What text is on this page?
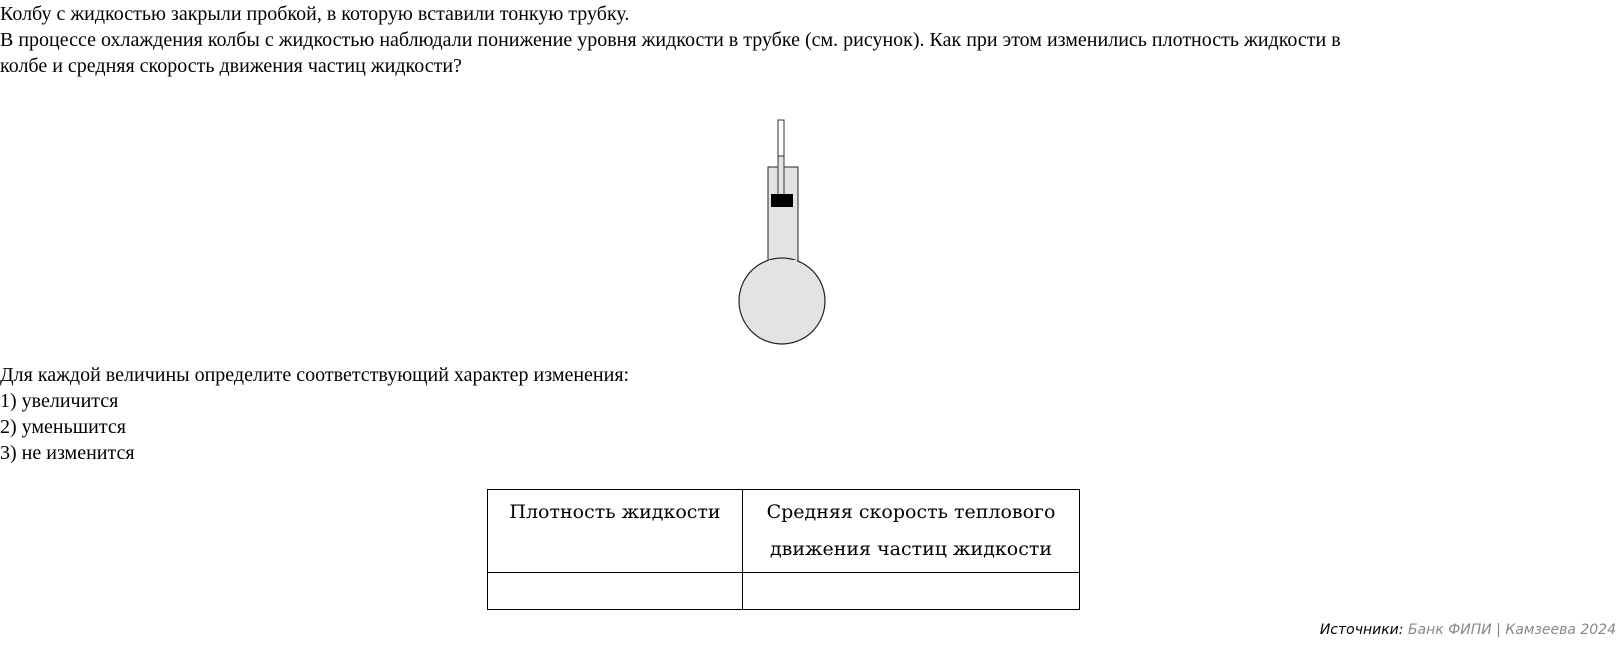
Колбу с жидкостью закрыли пробкой, в которую вставили тонкую трубку.
В процессе охлаждения колбы с жидкостью наблюдали понижение уровня жидкости в трубке (см. рисунок). Как при этом изменились плотность жидкости в
колбе и средняя скорость движения частиц жидкости?
Для каждой величины определите соответствующий характер изменения:
1) увеличится
2) уменьшится
3) не изменится
Плотность жидкости	Средняя скорость теплового движения частиц жидкости

Источники: Банк ФИПИ | Камзеева 2024
